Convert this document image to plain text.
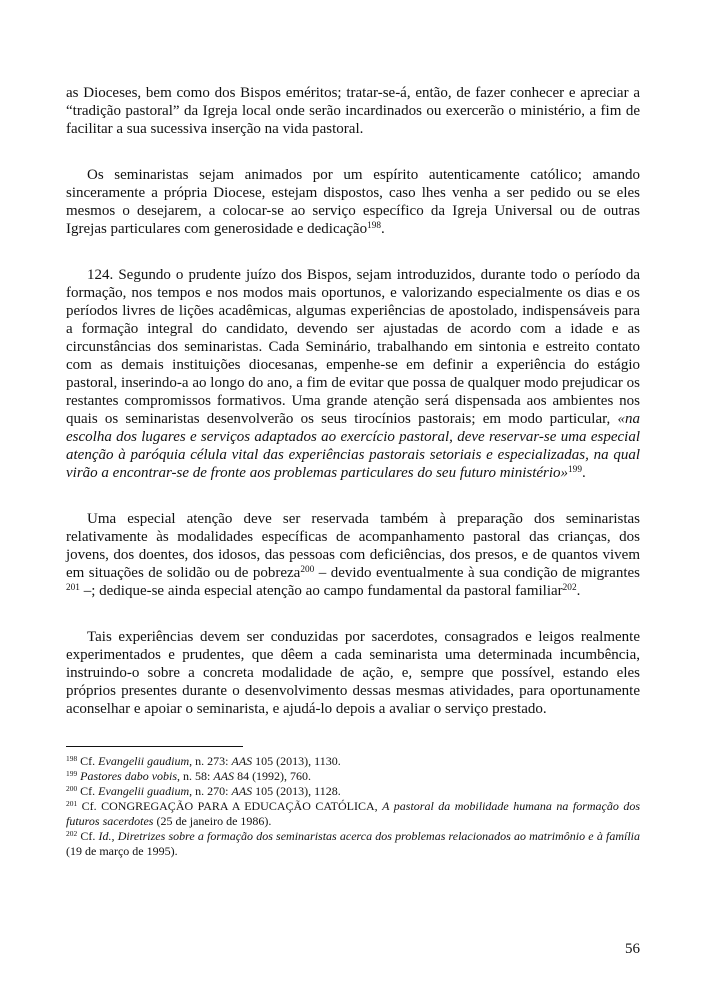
as Dioceses, bem como dos Bispos eméritos; tratar-se-á, então, de fazer conhecer e apreciar a “tradição pastoral” da Igreja local onde serão incardinados ou exercerão o ministério, a fim de facilitar a sua sucessiva inserção na vida pastoral.

Os seminaristas sejam animados por um espírito autenticamente católico; amando sinceramente a própria Diocese, estejam dispostos, caso lhes venha a ser pedido ou se eles mesmos o desejarem, a colocar-se ao serviço específico da Igreja Universal ou de outras Igrejas particulares com generosidade e dedicação$^{198}$.

124. Segundo o prudente juízo dos Bispos, sejam introduzidos, durante todo o período da formação, nos tempos e nos modos mais oportunos, e valorizando especialmente os dias e os períodos livres de lições acadêmicas, algumas experiências de apostolado, indispensáveis para a formação integral do candidato, devendo ser ajustadas de acordo com a idade e as circunstâncias dos seminaristas. Cada Seminário, trabalhando em sintonia e estreito contato com as demais instituições diocesanas, empenhe-se em definir a experiência do estágio pastoral, inserindo-a ao longo do ano, a fim de evitar que possa de qualquer modo prejudicar os restantes compromissos formativos. Uma grande atenção será dispensada aos ambientes nos quais os seminaristas desenvolverão os seus tirocínios pastorais; em modo particular, «na escolha dos lugares e serviços adaptados ao exercício pastoral, deve reservar-se uma especial atenção à paróquia célula vital das experiências pastorais setoriais e especializadas, na qual virão a encontrar-se de fronte aos problemas particulares do seu futuro ministério»$^{199}$.

Uma especial atenção deve ser reservada também à preparação dos seminaristas relativamente às modalidades específicas de acompanhamento pastoral das crianças, dos jovens, dos doentes, dos idosos, das pessoas com deficiências, dos presos, e de quantos vivem em situações de solidão ou de pobreza$^{200}$ – devido eventualmente à sua condição de migrantes $^{201}$ –; dedique-se ainda especial atenção ao campo fundamental da pastoral familiar$^{202}$.

Tais experiências devem ser conduzidas por sacerdotes, consagrados e leigos realmente experimentados e prudentes, que dêem a cada seminarista uma determinada incumbência, instruindo-o sobre a concreta modalidade de ação, e, sempre que possível, estando eles próprios presentes durante o desenvolvimento dessas mesmas atividades, para oportunamente aconselhar e apoiar o seminarista, e ajudá-lo depois a avaliar o serviço prestado.

$^{198}$ Cf. Evangelii gaudium, n. 273: AAS 105 (2013), 1130.
$^{199}$ Pastores dabo vobis, n. 58: AAS 84 (1992), 760.
$^{200}$ Cf. Evangelii guadium, n. 270: AAS 105 (2013), 1128.
$^{201}$ Cf. CONGREGAÇÃO PARA A EDUCAÇÃO CATÓLICA, A pastoral da mobilidade humana na formação dos futuros sacerdotes (25 de janeiro de 1986).
$^{202}$ Cf. Id., Diretrizes sobre a formação dos seminaristas acerca dos problemas relacionados ao matrimônio e à família (19 de março de 1995).
56
